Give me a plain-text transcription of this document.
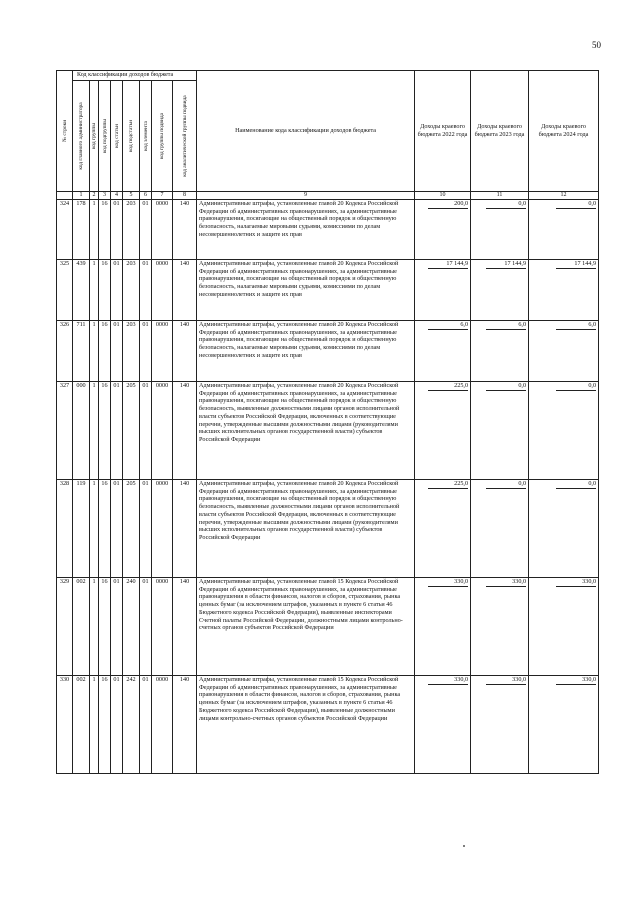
50
№ строки	Код классификации доходов бюджета								Наименование кода классификации доходов бюджета	Доходы краевого бюджета 2022 года	Доходы краевого бюджета 2023 года	Доходы краевого бюджета 2024 года

	код главного администратора	код группы	код подгруппы	код статьи	код подстатьи	код элемента	код группы подвида	код аналитической группы подвида				

	1	2	3	4	5	6	7	8	9	10	11	12
324	178	1	16	01	203	01	0000	140	Административные штрафы, установленные главой 20 Кодекса Российской Федерации об административных правонарушениях, за административные правонарушения, посягающие на общественный порядок и общественную безопасность, налагаемые мировыми судьями, комиссиями по делам несовершеннолетних и защите их прав	200,0	0,0	0,0
325	439	1	16	01	203	01	0000	140	Административные штрафы, установленные главой 20 Кодекса Российской Федерации об административных правонарушениях, за административные правонарушения, посягающие на общественный порядок и общественную безопасность, налагаемые мировыми судьями, комиссиями по делам несовершеннолетних и защите их прав	17 144,9	17 144,9	17 144,9
326	711	1	16	01	203	01	0000	140	Административные штрафы, установленные главой 20 Кодекса Российской Федерации об административных правонарушениях, за административные правонарушения, посягающие на общественный порядок и общественную безопасность, налагаемые мировыми судьями, комиссиями по делам несовершеннолетних и защите их прав	6,0	6,0	6,0
327	000	1	16	01	205	01	0000	140	Административные штрафы, установленные главой 20 Кодекса Российской Федерации об административных правонарушениях, за административные правонарушения, посягающие на общественный порядок и общественную безопасность, выявленные должностными лицами органов исполнительной власти субъектов Российской Федерации, включенных в соответствующие перечни, утвержденные высшими должностными лицами (руководителями высших исполнительных органов государственной власти) субъектов Российской Федерации	225,0	0,0	0,0
328	119	1	16	01	205	01	0000	140	Административные штрафы, установленные главой 20 Кодекса Российской Федерации об административных правонарушениях, за административные правонарушения, посягающие на общественный порядок и общественную безопасность, выявленные должностными лицами органов исполнительной власти субъектов Российской Федерации, включенных в соответствующие перечни, утвержденные высшими должностными лицами (руководителями высших исполнительных органов государственной власти) субъектов Российской Федерации	225,0	0,0	0,0
329	002	1	16	01	240	01	0000	140	Административные штрафы, установленные главой 15 Кодекса Российской Федерации об административных правонарушениях, за административные правонарушения в области финансов, налогов и сборов, страхования, рынка ценных бумаг (за исключением штрафов, указанных в пункте 6 статьи 46 Бюджетного кодекса Российской Федерации), выявленные инспекторами Счетной палаты Российской Федерации, должностными лицами контрольно-счетных органов субъектов Российской Федерации	330,0	330,0	330,0
330	002	1	16	01	242	01	0000	140	Административные штрафы, установленные главой 15 Кодекса Российской Федерации об административных правонарушениях, за административные правонарушения в области финансов, налогов и сборов, страхования, рынка ценных бумаг (за исключением штрафов, указанных в пункте 6 статьи 46 Бюджетного кодекса Российской Федерации), выявленные должностными лицами контрольно-счетных органов субъектов Российской Федерации	330,0	330,0	330,0
